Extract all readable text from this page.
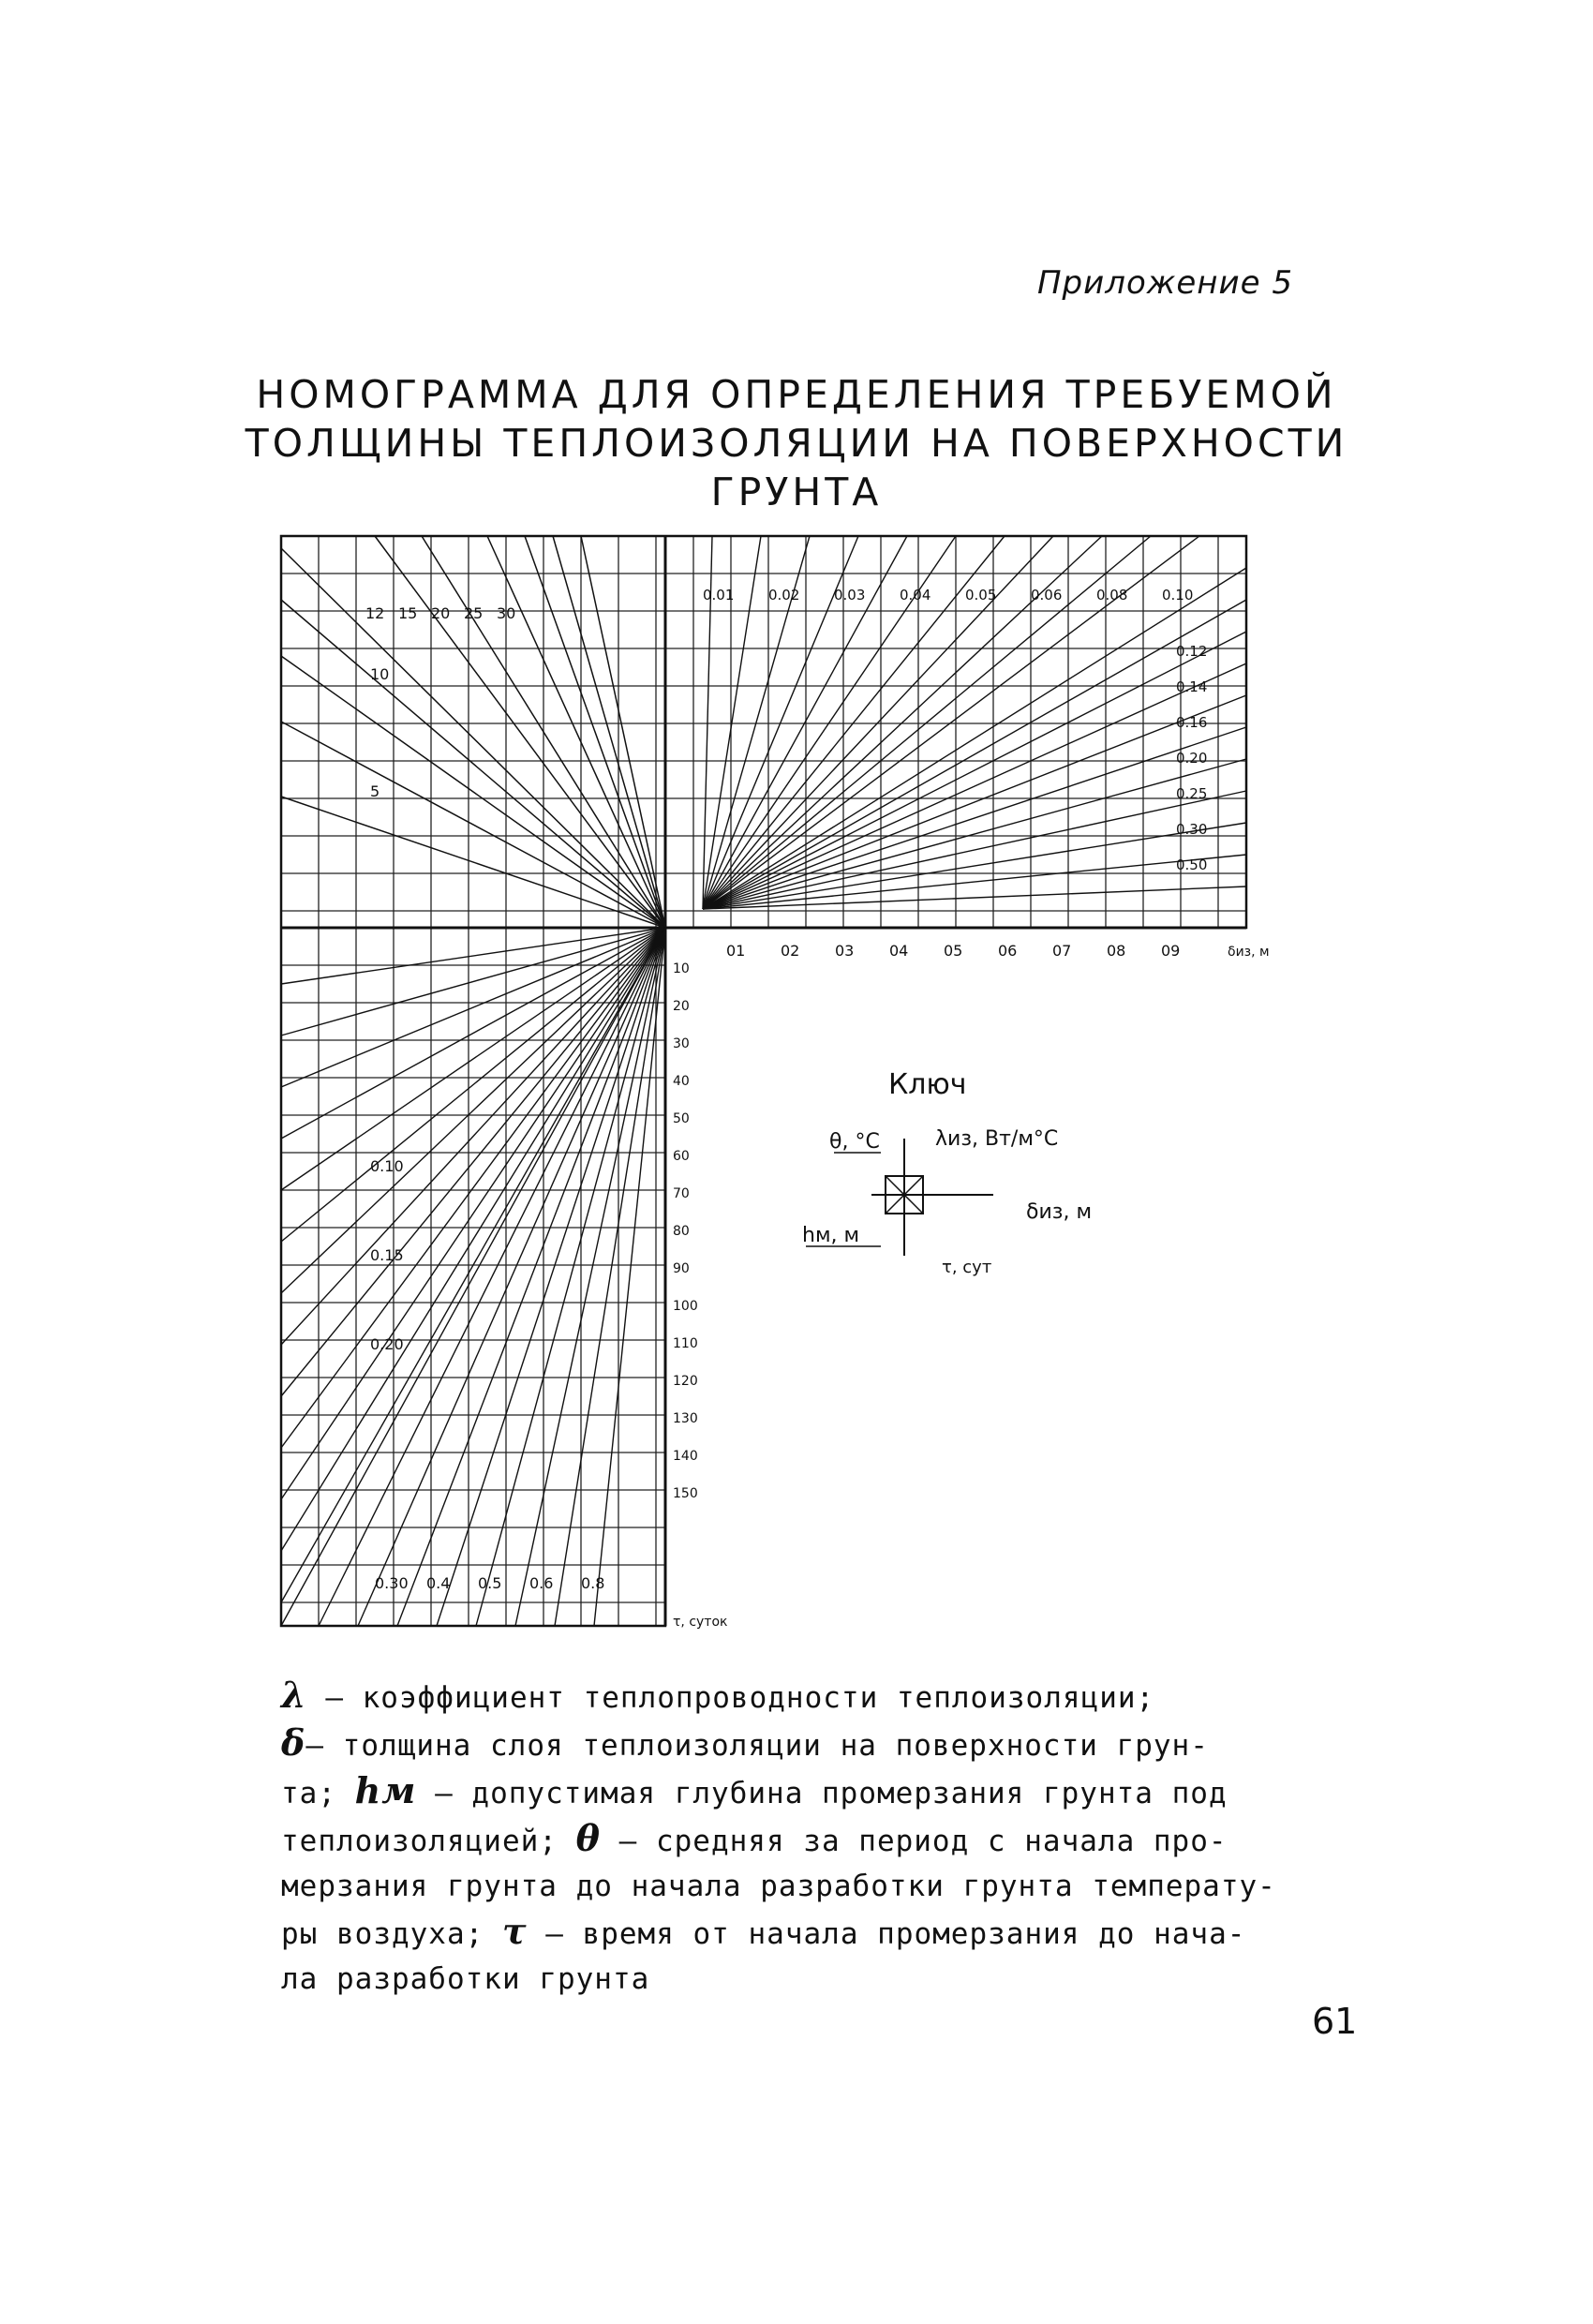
Приложение 5
НОМОГРАММА ДЛЯ ОПРЕДЕЛЕНИЯ ТРЕБУЕМОЙ
ТОЛЩИНЫ ТЕПЛОИЗОЛЯЦИИ НА ПОВЕРХНОСТИ
ГРУНТА
12 15 20 25 30
10
5
0.01 0.02 0.03 0.04 0.05 0.06 0.08 0.10
0.12
0.14
0.16
0.20
0.25
0.30
0.50
01 02 03 04 05 06 07 08 09	δиз, м
10
20
30
40
50
60
70
80
90
100
110
120
130
140
150
τ, суток
0.10
0.15
0.20
0.30 0.4 0.5 0.6 0.8
θ, °C	λиз, Вт/м°C
δиз, м
hм, м
τ, сут
Ключ
λ – коэффициент теплопроводности теплоизоляции;
δ– толщина слоя теплоизоляции на поверхности грун-
та; hм – допустимая глубина промерзания грунта под
теплоизоляцией; θ – средняя за период с начала про-
мерзания грунта до начала разработки грунта температу-
ры воздуха; τ – время от начала промерзания до нача-
ла разработки грунта
61
